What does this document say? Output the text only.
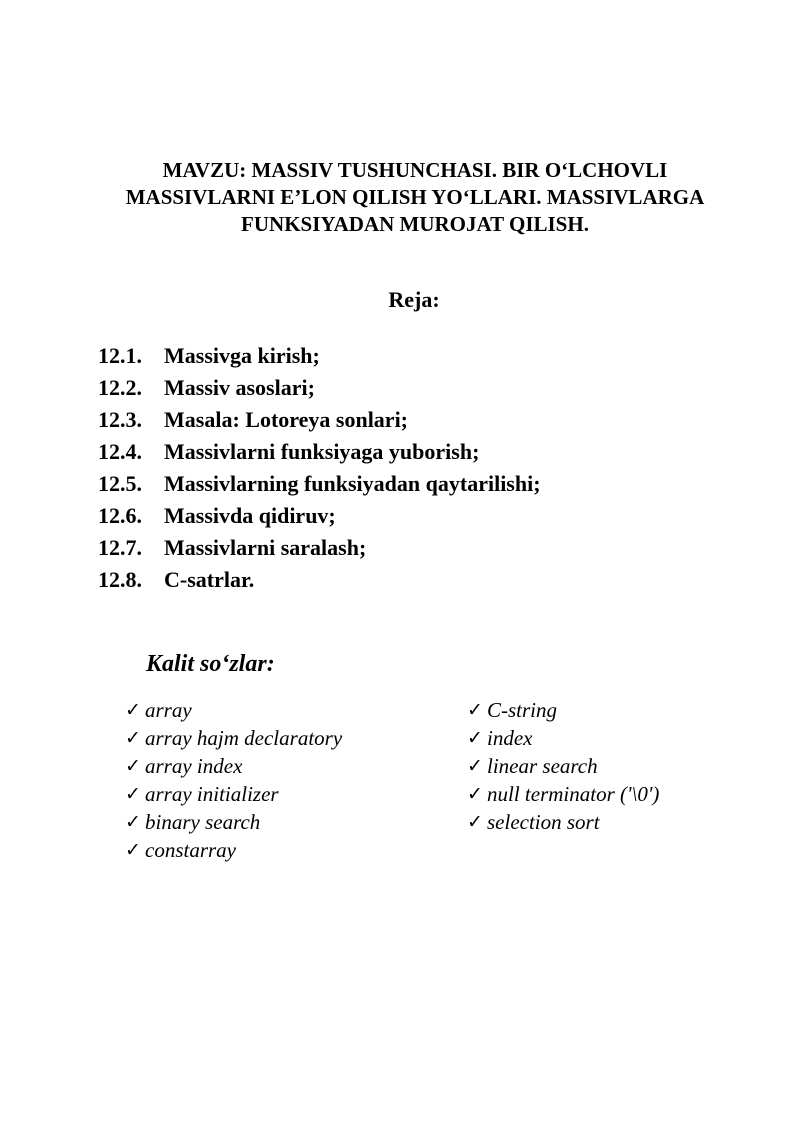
MAVZU: MASSIV TUSHUNCHASI. BIR O‘LCHOVLI
MASSIVLARNI E’LON QILISH YO‘LLARI. MASSIVLARGA
FUNKSIYADAN MUROJAT QILISH.
Reja:
12.1.	Massivga kirish;
12.2.	Massiv asoslari;
12.3.	Masala: Lotoreya sonlari;
12.4.	Massivlarni funksiyaga yuborish;
12.5.	Massivlarning funksiyadan qaytarilishi;
12.6.	Massivda qidiruv;
12.7.	Massivlarni saralash;
12.8.	C-satrlar.
Kalit so‘zlar:
✓ array
✓ array hajm declaratory
✓ array index
✓ array initializer
✓ binary search
✓ constarray
✓ C-string
✓ index
✓ linear search
✓ null terminator ('\0')
✓ selection sort
